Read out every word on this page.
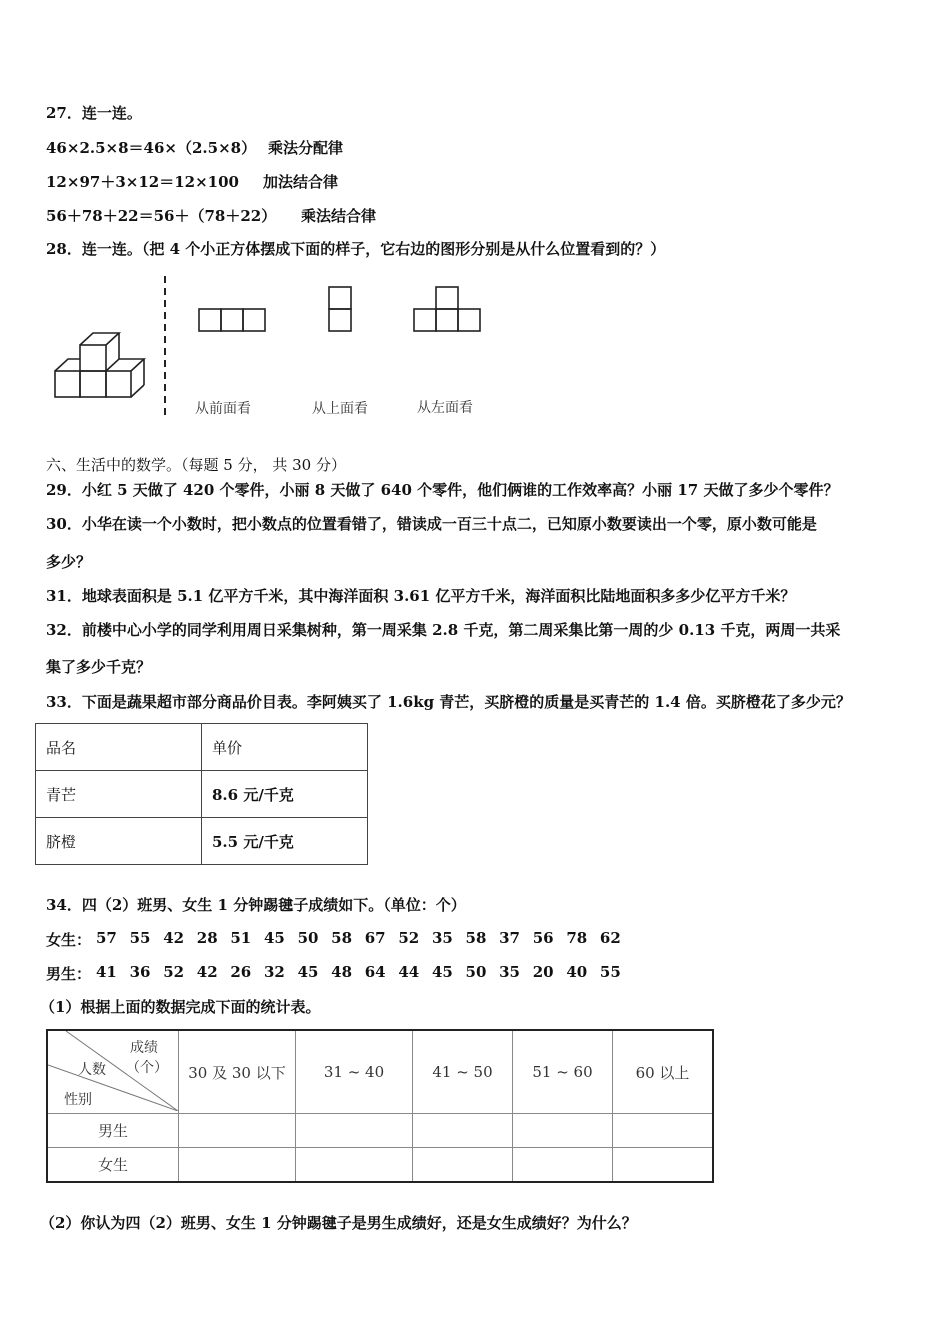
27．连一连。
46×2.5×8＝46×（2.5×8）
12×97＋3×12＝12×100
56＋78＋22＝56＋（78＋22）
乘法分配律
加法结合律
乘法结合律
28．连一连。（把 4 个小正方体摆成下面的样子，它右边的图形分别是从什么位置看到的？）
从前面看	从上面看	从左面看
六、生活中的数学。（每题 5 分， 共 30 分）
29．小红 5 天做了 420 个零件，小丽 8 天做了 640 个零件，他们俩谁的工作效率高？小丽 17 天做了多少个零件？
30．小华在读一个小数时，把小数点的位置看错了，错读成一百三十点二，已知原小数要读出一个零，原小数可能是
多少？
31．地球表面积是 5.1 亿平方千米，其中海洋面积 3.61 亿平方千米，海洋面积比陆地面积多多少亿平方千米？
32．前楼中心小学的同学利用周日采集树种，第一周采集 2.8 千克，第二周采集比第一周的少 0.13 千克，两周一共采
集了多少千克？
33．下面是蔬果超市部分商品价目表。李阿姨买了 1.6kg 青芒，买脐橙的质量是买青芒的 1.4 倍。买脐橙花了多少元？
品名	单价
青芒	8.6 元/千克
脐橙	5.5 元/千克
34．四（2）班男、女生 1 分钟踢毽子成绩如下。（单位：个）
女生： 57 55 42 28 51 45 50 58 67 52 35 58 37 56 78 62
男生： 41 36 52 42 26 32 45 48 64 44 45 50 35 20 40 55
（1）根据上面的数据完成下面的统计表。
成绩
（个）
人数
性别	30 及 30 以下	31 ~ 40	41 ~ 50	51 ~ 60	60 以上
男生					
女生					
（2）你认为四（2）班男、女生 1 分钟踢毽子是男生成绩好，还是女生成绩好？为什么？
